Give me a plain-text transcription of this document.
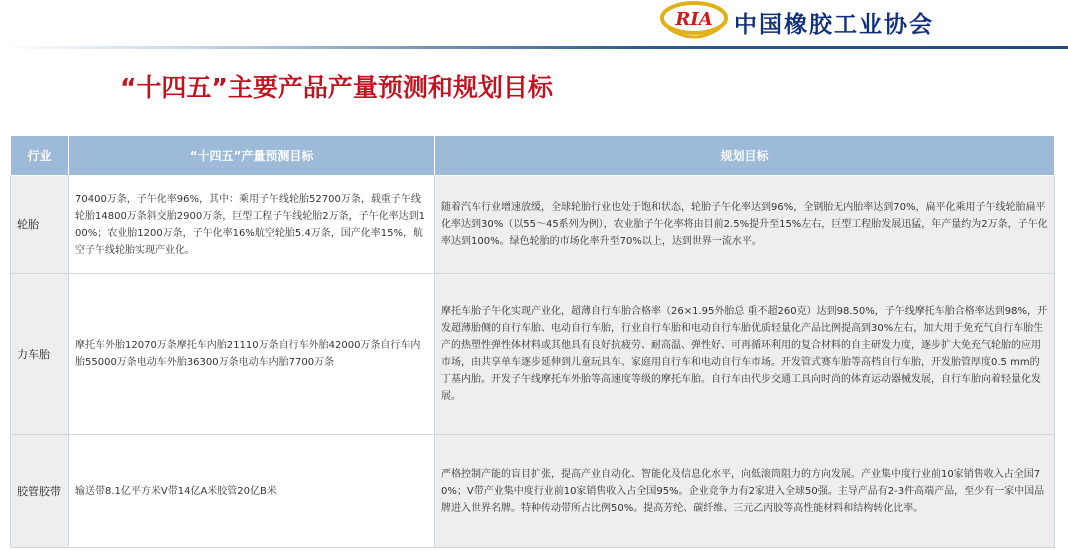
RIA 中国橡胶工业协会
“十四五”主要产品产量预测和规划目标
行业	“十四五”产量预测目标	规划目标
轮胎	70400万条，子午化率96%，其中：乘用子午线轮胎52700万条，载重子午线轮胎14800万条斜交胎2900万条，巨型工程子午线轮胎2万条，子午化率达到100%；农业胎1200万条，子午化率16%航空轮胎5.4万条，国产化率15%，航空子午线轮胎实现产业化。	随着汽车行业增速放缓，全球轮胎行业也处于饱和状态，轮胎子午化率达到96%，全钢胎无内胎率达到70%，扁平化乘用子午线轮胎扁平化率达到30%（以55～45系列为例），农业胎子午化率将由目前2.5%提升至15%左右，巨型工程胎发展迅猛，年产量约为2万条，子午化率达到100%。绿色轮胎的市场化率升至70%以上，达到世界一流水平。
力车胎	摩托车外胎12070万条摩托车内胎21110万条自行车外胎42000万条自行车内胎55000万条电动车外胎36300万条电动车内胎7700万条	摩托车胎子午化实现产业化，超薄自行车胎合格率（26×1.95外胎总 重不超260克）达到98.50%，子午线摩托车胎合格率达到98%，开发超薄胎侧的自行车胎、电动自行车胎，行业自行车胎和电动自行车胎优质轻量化产品比例提高到30%左右，加大用于免充气自行车胎生产的热塑性弹性体材料或其他具有良好抗疲劳、耐高温、弹性好、可再循环利用的复合材料的自主研发力度，逐步扩大免充气轮胎的应用市场，由共享单车逐步延伸到儿童玩具车、家庭用自行车和电动自行车市场。开发管式赛车胎等高档自行车胎，开发胎管厚度0.5 mm的丁基内胎。开发子午线摩托车外胎等高速度等级的摩托车胎。自行车由代步交通工具向时尚的体育运动器械发展，自行车胎向着轻量化发展。
胶管胶带	输送带8.1亿平方米V带14亿A米胶管20亿B米	严格控制产能的盲目扩张，提高产业自动化、智能化及信息化水平，向低滚筒阻力的方向发展。产业集中度行业前10家销售收入占全国70%；V带产业集中度行业前10家销售收入占全国95%。企业竞争力有2家进入全球50强。主导产品有2-3件高端产品，至少有一家中国品牌进入世界名牌。特种传动带所占比例50%。提高芳纶、碳纤维、三元乙丙胶等高性能材料和结构转化比率。
